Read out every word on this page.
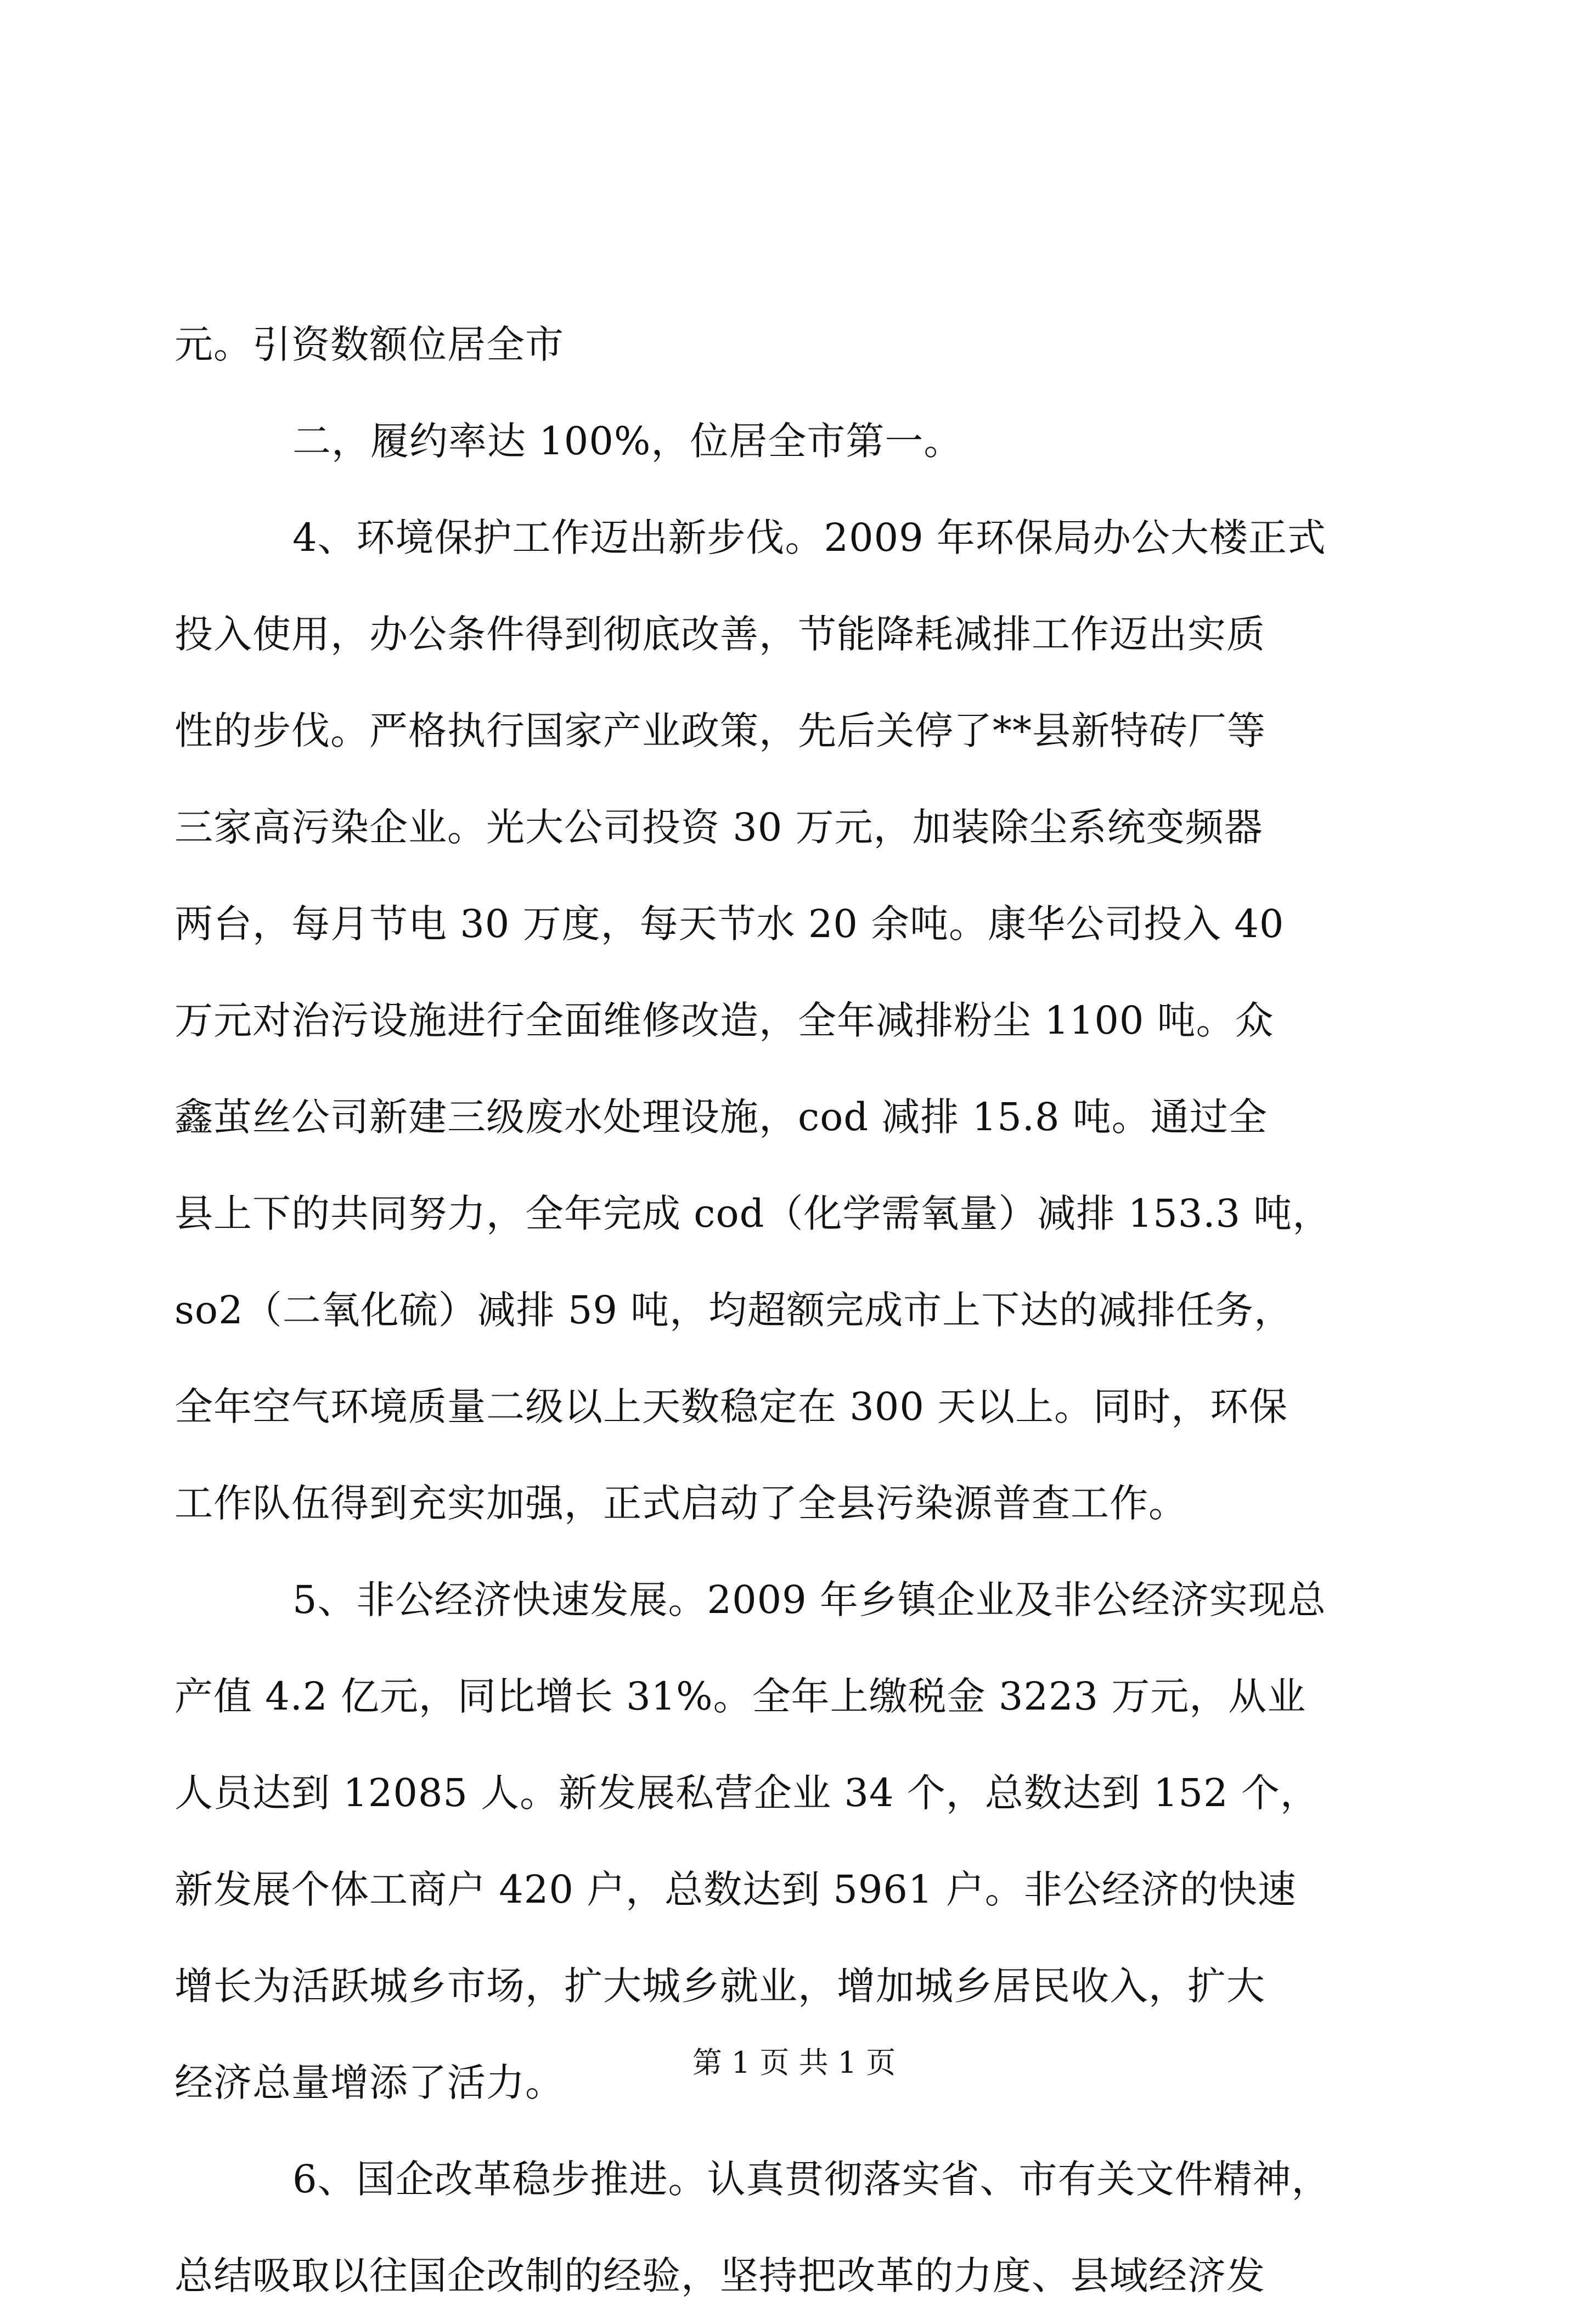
元。引资数额位居全市
二，履约率达 100%，位居全市第一。
4、环境保护工作迈出新步伐。2009 年环保局办公大楼正式
投入使用，办公条件得到彻底改善，节能降耗减排工作迈出实质
性的步伐。严格执行国家产业政策，先后关停了**县新特砖厂等
三家高污染企业。光大公司投资 30 万元，加装除尘系统变频器
两台，每月节电 30 万度，每天节水 20 余吨。康华公司投入 40
万元对治污设施进行全面维修改造，全年减排粉尘 1100 吨。众
鑫茧丝公司新建三级废水处理设施，cod 减排 15.8 吨。通过全
县上下的共同努力，全年完成 cod（化学需氧量）减排 153.3 吨，
so2（二氧化硫）减排 59 吨，均超额完成市上下达的减排任务，
全年空气环境质量二级以上天数稳定在 300 天以上。同时，环保
工作队伍得到充实加强，正式启动了全县污染源普查工作。
5、非公经济快速发展。2009 年乡镇企业及非公经济实现总
产值 4.2 亿元，同比增长 31%。全年上缴税金 3223 万元，从业
人员达到 12085 人。新发展私营企业 34 个，总数达到 152 个，
新发展个体工商户 420 户，总数达到 5961 户。非公经济的快速
增长为活跃城乡市场，扩大城乡就业，增加城乡居民收入，扩大
经济总量增添了活力。
6、国企改革稳步推进。认真贯彻落实省、市有关文件精神，
总结吸取以往国企改制的经验，坚持把改革的力度、县域经济发
第 1 页 共 1 页
